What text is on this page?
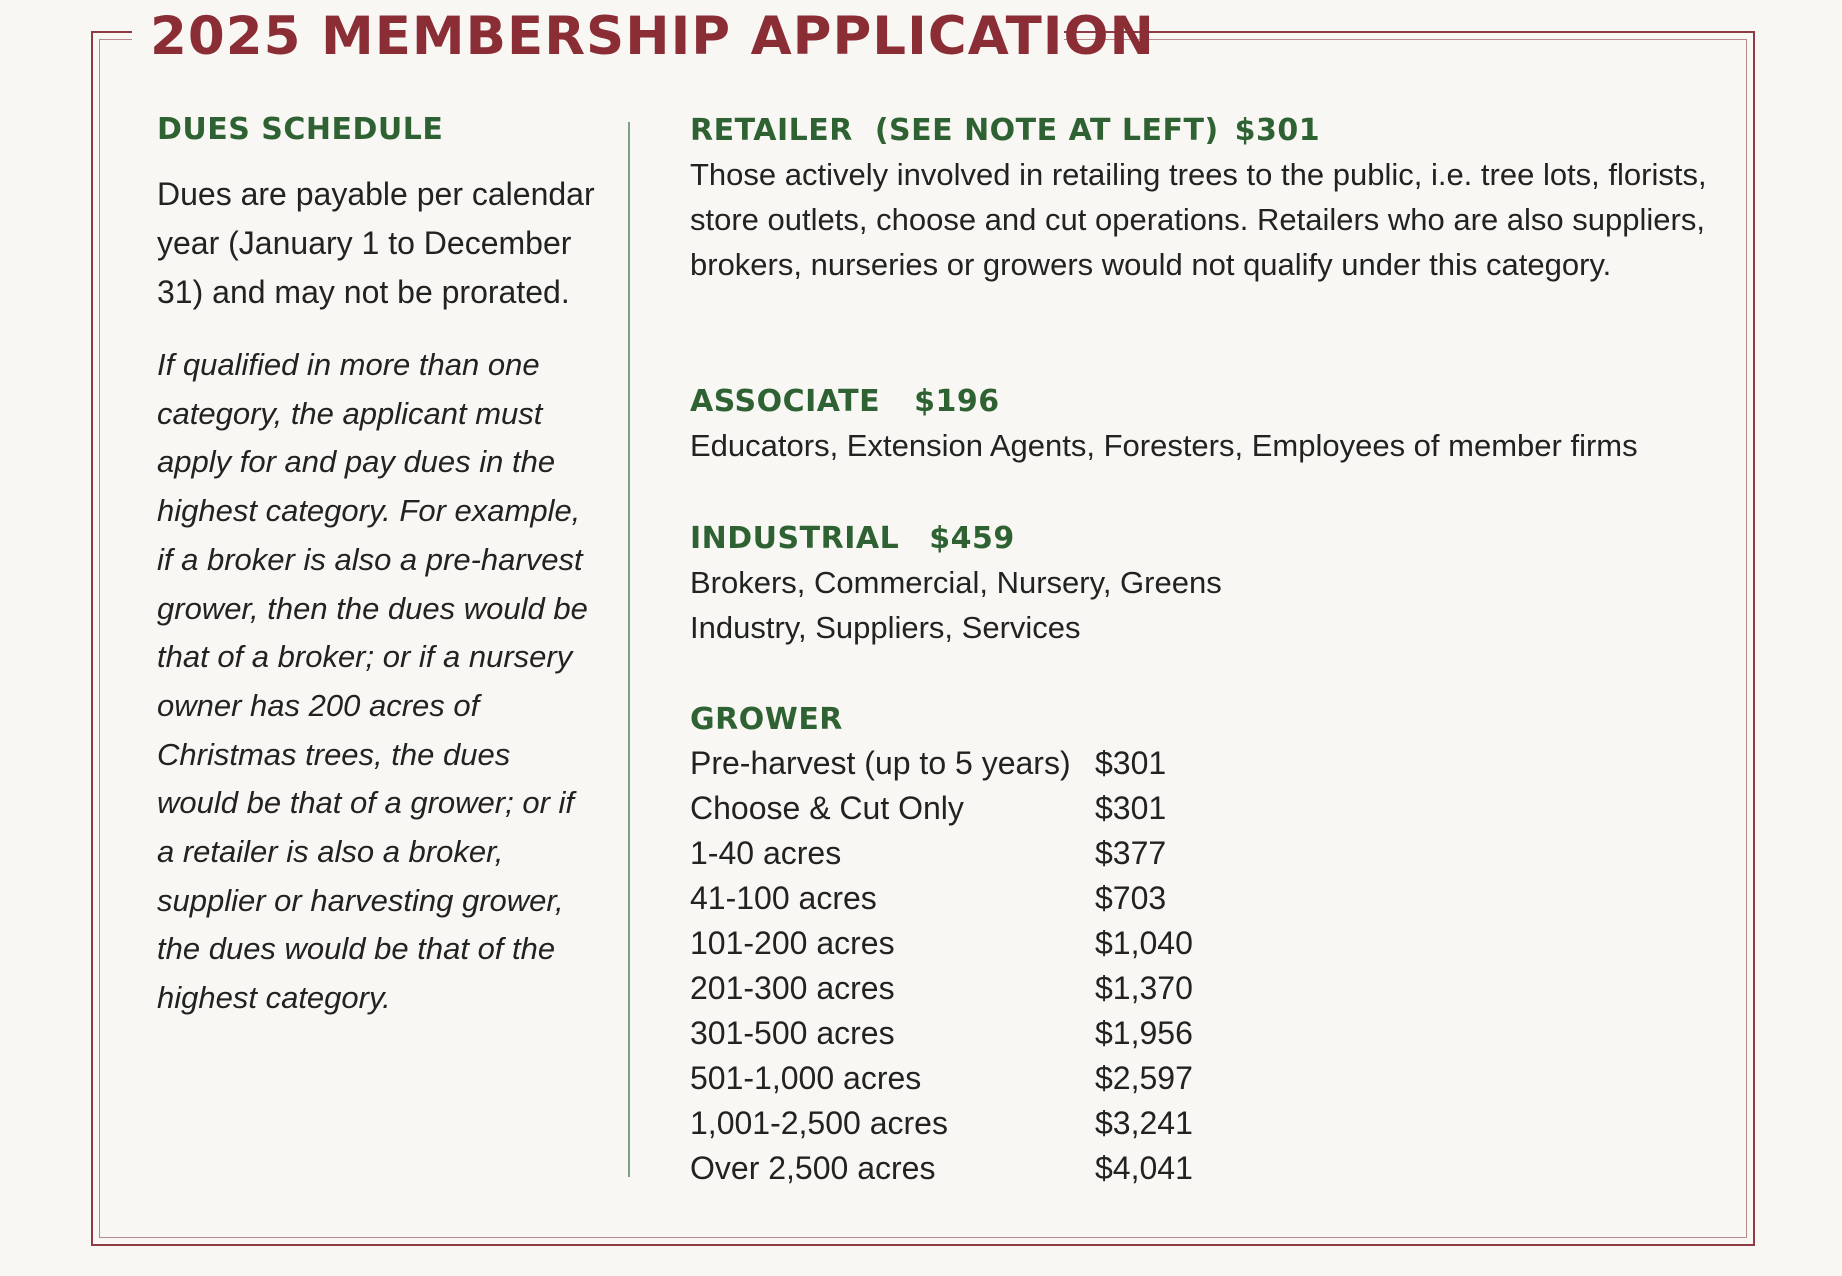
2025 MEMBERSHIP APPLICATION
DUES SCHEDULE

Dues are payable per calendar year (January 1 to December 31) and may not be prorated.

If qualified in more than one category, the applicant must apply for and pay dues in the highest category. For example, if a broker is also a pre-harvest grower, then the dues would be that of a broker; or if a nursery owner has 200 acres of Christmas trees, the dues would be that of a grower; or if a retailer is also a broker, supplier or harvesting grower, the dues would be that of the highest category.

RETAILER (SEE NOTE AT LEFT) $301

Those actively involved in retailing trees to the public, i.e. tree lots, florists, store outlets, choose and cut operations. Retailers who are also suppliers, brokers, nurseries or growers would not qualify under this category.

ASSOCIATE $196

Educators, Extension Agents, Foresters, Employees of member firms

INDUSTRIAL $459

Brokers, Commercial, Nursery, Greens
Industry, Suppliers, Services

GROWER
Pre-harvest (up to 5 years)	$301
Choose & Cut Only	$301
1-40 acres	$377
41-100 acres	$703
101-200 acres	$1,040
201-300 acres	$1,370
301-500 acres	$1,956
501-1,000 acres	$2,597
1,001-2,500 acres	$3,241
Over 2,500 acres	$4,041
